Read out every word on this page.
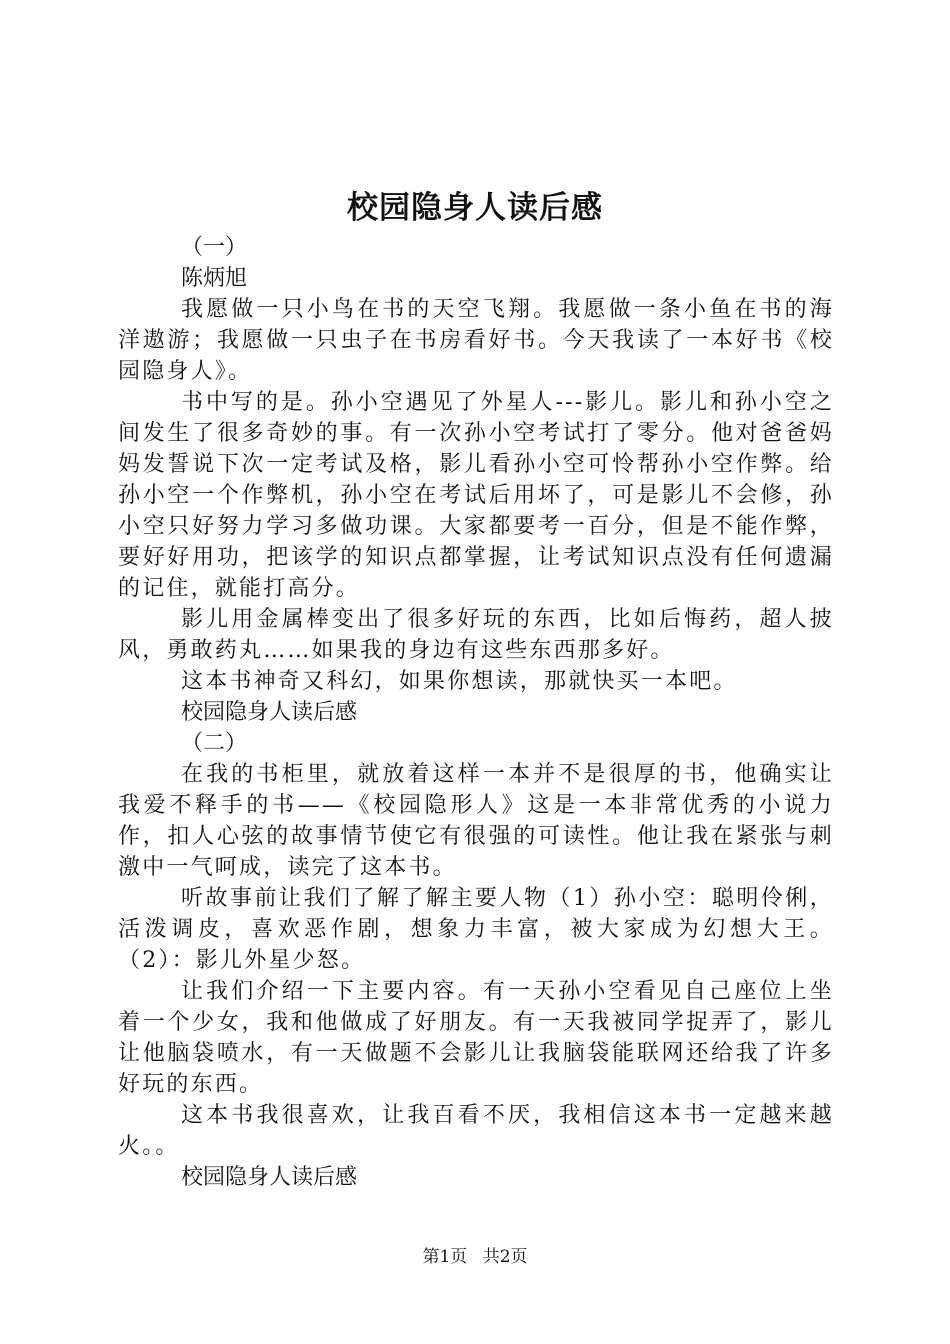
校园隐身人读后感
（一）
陈炳旭
我愿做一只小鸟在书的天空飞翔。我愿做一条小鱼在书的海洋遨游；我愿做一只虫子在书房看好书。今天我读了一本好书《校园隐身人》。
书中写的是。孙小空遇见了外星人---影儿。影儿和孙小空之间发生了很多奇妙的事。有一次孙小空考试打了零分。他对爸爸妈妈发誓说下次一定考试及格，影儿看孙小空可怜帮孙小空作弊。给孙小空一个作弊机，孙小空在考试后用坏了，可是影儿不会修，孙小空只好努力学习多做功课。大家都要考一百分，但是不能作弊，要好好用功，把该学的知识点都掌握，让考试知识点没有任何遗漏的记住，就能打高分。
影儿用金属棒变出了很多好玩的东西，比如后悔药，超人披风，勇敢药丸……如果我的身边有这些东西那多好。
这本书神奇又科幻，如果你想读，那就快买一本吧。
校园隐身人读后感
（二）
在我的书柜里，就放着这样一本并不是很厚的书，他确实让我爱不释手的书——《校园隐形人》这是一本非常优秀的小说力作，扣人心弦的故事情节使它有很强的可读性。他让我在紧张与刺激中一气呵成，读完了这本书。
听故事前让我们了解了解主要人物（1）孙小空：聪明伶俐，活泼调皮，喜欢恶作剧，想象力丰富，被大家成为幻想大王。（2）：影儿外星少怒。
让我们介绍一下主要内容。有一天孙小空看见自己座位上坐着一个少女，我和他做成了好朋友。有一天我被同学捉弄了，影儿让他脑袋喷水，有一天做题不会影儿让我脑袋能联网还给我了许多好玩的东西。
这本书我很喜欢，让我百看不厌，我相信这本书一定越来越火。。
校园隐身人读后感
第1页 共2页
